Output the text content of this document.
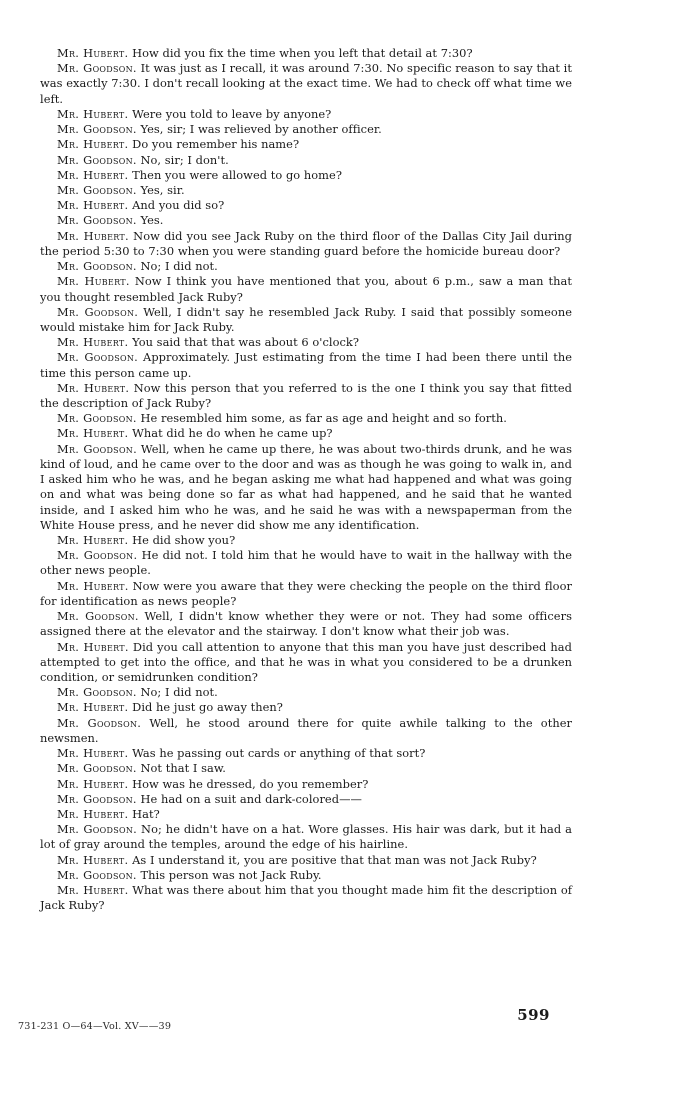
Mr. Hubert. How did you fix the time when you left that detail at 7:30?

Mr. Goodson. It was just as I recall, it was around 7:30. No specific reason to say that it was exactly 7:30. I don't recall looking at the exact time. We had to check off what time we left.

Mr. Hubert. Were you told to leave by anyone?

Mr. Goodson. Yes, sir; I was relieved by another officer.

Mr. Hubert. Do you remember his name?

Mr. Goodson. No, sir; I don't.

Mr. Hubert. Then you were allowed to go home?

Mr. Goodson. Yes, sir.

Mr. Hubert. And you did so?

Mr. Goodson. Yes.

Mr. Hubert. Now did you see Jack Ruby on the third floor of the Dallas City Jail during the period 5:30 to 7:30 when you were standing guard before the homicide bureau door?

Mr. Goodson. No; I did not.

Mr. Hubert. Now I think you have mentioned that you, about 6 p.m., saw a man that you thought resembled Jack Ruby?

Mr. Goodson. Well, I didn't say he resembled Jack Ruby. I said that possibly someone would mistake him for Jack Ruby.

Mr. Hubert. You said that that was about 6 o'clock?

Mr. Goodson. Approximately. Just estimating from the time I had been there until the time this person came up.

Mr. Hubert. Now this person that you referred to is the one I think you say that fitted the description of Jack Ruby?

Mr. Goodson. He resembled him some, as far as age and height and so forth.

Mr. Hubert. What did he do when he came up?

Mr. Goodson. Well, when he came up there, he was about two-thirds drunk, and he was kind of loud, and he came over to the door and was as though he was going to walk in, and I asked him who he was, and he began asking me what had happened and what was going on and what was being done so far as what had happened, and he said that he wanted inside, and I asked him who he was, and he said he was with a newspaperman from the White House press, and he never did show me any identification.

Mr. Hubert. He did show you?

Mr. Goodson. He did not. I told him that he would have to wait in the hallway with the other news people.

Mr. Hubert. Now were you aware that they were checking the people on the third floor for identification as news people?

Mr. Goodson. Well, I didn't know whether they were or not. They had some officers assigned there at the elevator and the stairway. I don't know what their job was.

Mr. Hubert. Did you call attention to anyone that this man you have just described had attempted to get into the office, and that he was in what you considered to be a drunken condition, or semidrunken condition?

Mr. Goodson. No; I did not.

Mr. Hubert. Did he just go away then?

Mr. Goodson. Well, he stood around there for quite awhile talking to the other newsmen.

Mr. Hubert. Was he passing out cards or anything of that sort?

Mr. Goodson. Not that I saw.

Mr. Hubert. How was he dressed, do you remember?

Mr. Goodson. He had on a suit and dark-colored——

Mr. Hubert. Hat?

Mr. Goodson. No; he didn't have on a hat. Wore glasses. His hair was dark, but it had a lot of gray around the temples, around the edge of his hairline.

Mr. Hubert. As I understand it, you are positive that that man was not Jack Ruby?

Mr. Goodson. This person was not Jack Ruby.

Mr. Hubert. What was there about him that you thought made him fit the description of Jack Ruby?

731-231 O—64—Vol. XV——39
599
